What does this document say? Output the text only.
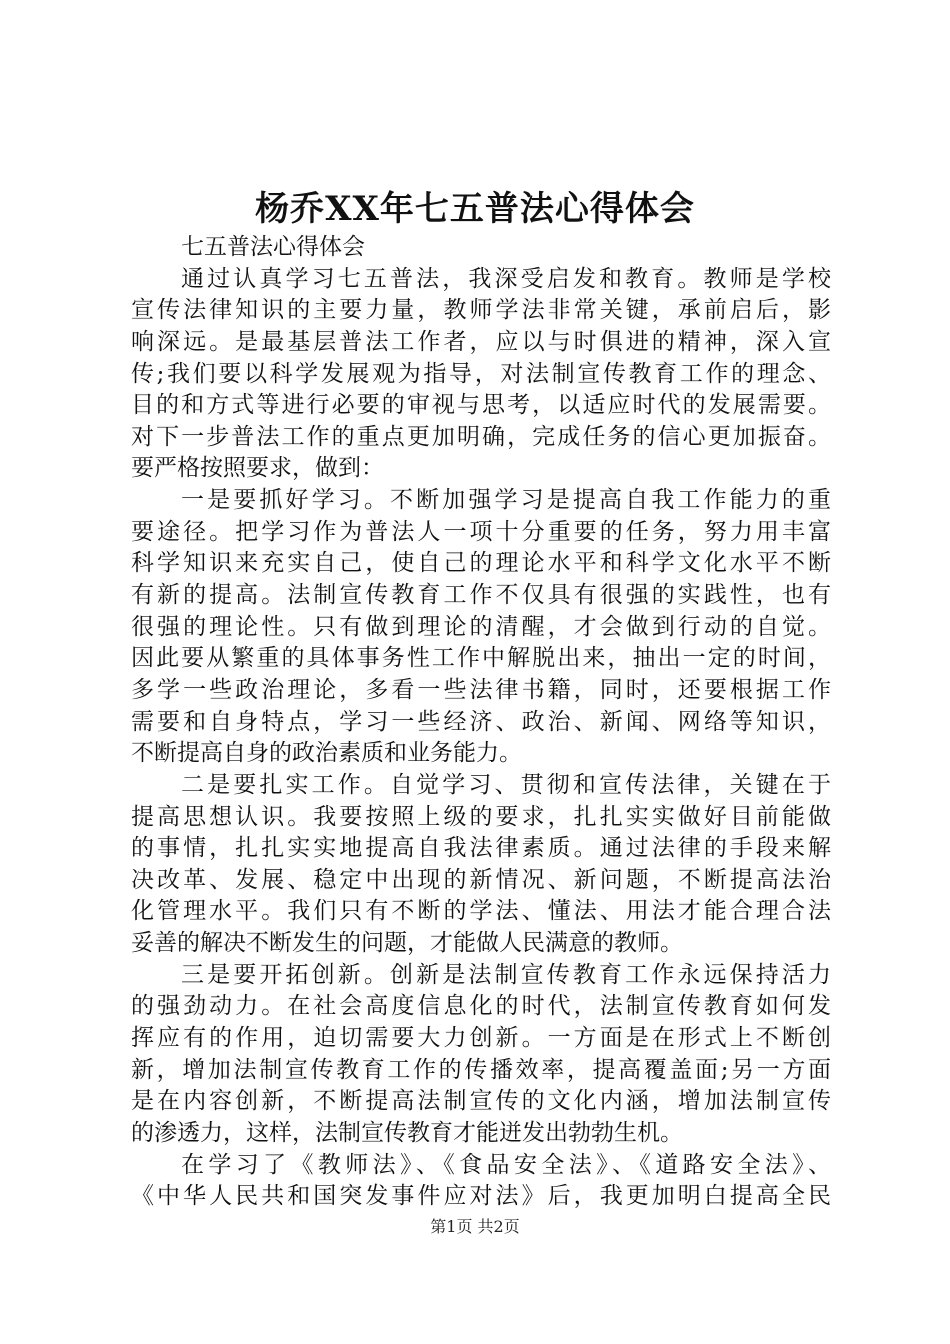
杨乔XX年七五普法心得体会
七五普法心得体会
通过认真学习七五普法，我深受启发和教育。教师是学校
宣传法律知识的主要力量，教师学法非常关键，承前启后，影
响深远。是最基层普法工作者，应以与时俱进的精神，深入宣
传;我们要以科学发展观为指导，对法制宣传教育工作的理念、
目的和方式等进行必要的审视与思考，以适应时代的发展需要。
对下一步普法工作的重点更加明确，完成任务的信心更加振奋。
要严格按照要求，做到：
一是要抓好学习。不断加强学习是提高自我工作能力的重
要途径。把学习作为普法人一项十分重要的任务，努力用丰富
科学知识来充实自己，使自己的理论水平和科学文化水平不断
有新的提高。法制宣传教育工作不仅具有很强的实践性，也有
很强的理论性。只有做到理论的清醒，才会做到行动的自觉。
因此要从繁重的具体事务性工作中解脱出来，抽出一定的时间，
多学一些政治理论，多看一些法律书籍，同时，还要根据工作
需要和自身特点，学习一些经济、政治、新闻、网络等知识，
不断提高自身的政治素质和业务能力。
二是要扎实工作。自觉学习、贯彻和宣传法律，关键在于
提高思想认识。我要按照上级的要求，扎扎实实做好目前能做
的事情，扎扎实实地提高自我法律素质。通过法律的手段来解
决改革、发展、稳定中出现的新情况、新问题，不断提高法治
化管理水平。我们只有不断的学法、懂法、用法才能合理合法
妥善的解决不断发生的问题，才能做人民满意的教师。
三是要开拓创新。创新是法制宣传教育工作永远保持活力
的强劲动力。在社会高度信息化的时代，法制宣传教育如何发
挥应有的作用，迫切需要大力创新。一方面是在形式上不断创
新，增加法制宣传教育工作的传播效率，提高覆盖面;另一方面
是在内容创新，不断提高法制宣传的文化内涵，增加法制宣传
的渗透力，这样，法制宣传教育才能迸发出勃勃生机。
在学习了《教师法》、《食品安全法》、《道路安全法》、
《中华人民共和国突发事件应对法》后，我更加明白提高全民
第1页 共2页
